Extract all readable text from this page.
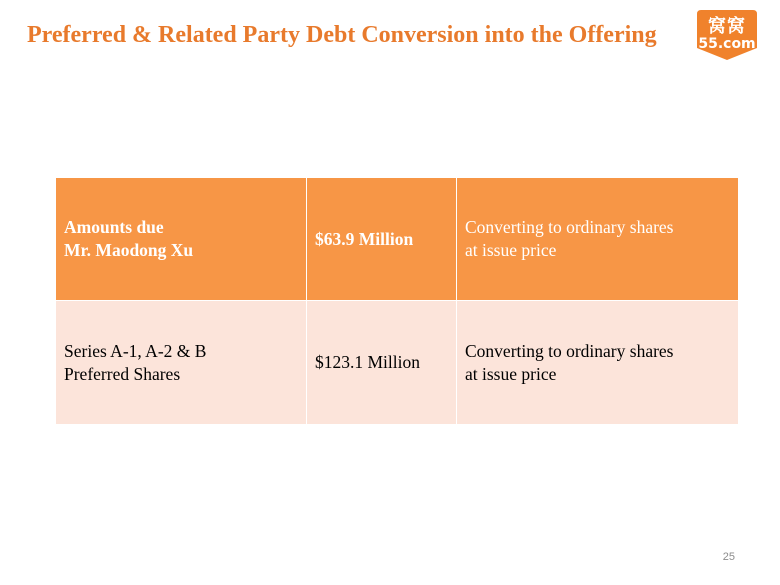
Preferred & Related Party Debt Conversion into the Offering	窝窝
55.com
Amounts due
Mr. Maodong Xu	$63.9 Million	Converting to ordinary shares
at issue price

Series A-1, A-2 & B
Preferred Shares	$123.1 Million	Converting to ordinary shares
at issue price
25
